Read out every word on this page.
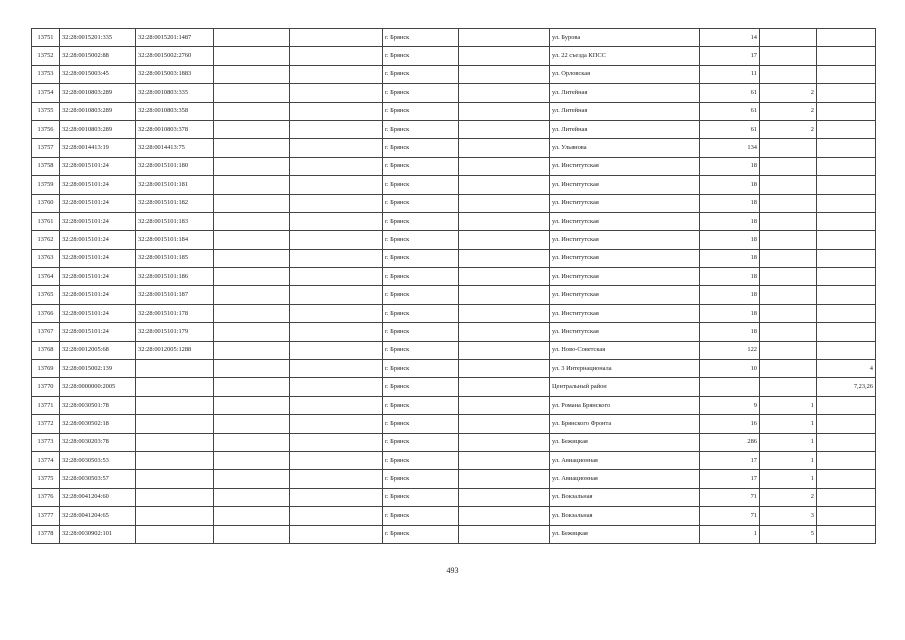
13751	32:28:0015201:335	32:28:0015201:1487			г. Брянск		ул. Бурова	14		
13752	32:28:0015002:88	32:28:0015002:2760			г. Брянск		ул. 22 съезда КПСС	17		
13753	32:28:0015003:45	32:28:0015003:1883			г. Брянск		ул. Орловская	11		
13754	32:28:0010803:289	32:28:0010803:335			г. Брянск		ул. Литейная	61	2	
13755	32:28:0010803:289	32:28:0010803:358			г. Брянск		ул. Литейная	61	2	
13756	32:28:0010803:289	32:28:0010803:378			г. Брянск		ул. Литейная	61	2	
13757	32:28:0014413:19	32:28:0014413:75			г. Брянск		ул. Ульянова	134		
13758	32:28:0015101:24	32:28:0015101:180			г. Брянск		ул. Институтская	18		
13759	32:28:0015101:24	32:28:0015101:181			г. Брянск		ул. Институтская	18		
13760	32:28:0015101:24	32:28:0015101:182			г. Брянск		ул. Институтская	18		
13761	32:28:0015101:24	32:28:0015101:183			г. Брянск		ул. Институтская	18		
13762	32:28:0015101:24	32:28:0015101:184			г. Брянск		ул. Институтская	18		
13763	32:28:0015101:24	32:28:0015101:185			г. Брянск		ул. Институтская	18		
13764	32:28:0015101:24	32:28:0015101:186			г. Брянск		ул. Институтская	18		
13765	32:28:0015101:24	32:28:0015101:187			г. Брянск		ул. Институтская	18		
13766	32:28:0015101:24	32:28:0015101:178			г. Брянск		ул. Институтская	18		
13767	32:28:0015101:24	32:28:0015101:179			г. Брянск		ул. Институтская	18		
13768	32:28:0012005:68	32:28:0012005:1288			г. Брянск		ул. Ново-Советская	122		
13769	32:28:0015002:139				г. Брянск		ул. 3 Интернационала	10		4
13770	32:28:0000000:2005				г. Брянск		Центральный район			7,23,26
13771	32:28:0030501:78				г. Брянск		ул. Романа Брянского	9	1	
13772	32:28:0030502:18				г. Брянск		ул. Брянского Фронта	16	1	
13773	32:28:0030203:78				г. Брянск		ул. Бежицкая	286	1	
13774	32:28:0030503:53				г. Брянск		ул. Авиационная	17	1	
13775	32:28:0030503:57				г. Брянск		ул. Авиационная	17	1	
13776	32:28:0041204:60				г. Брянск		ул. Вокзальная	71	2	
13777	32:28:0041204:65				г. Брянск		ул. Вокзальная	71	3	
13778	32:28:0030902:101				г. Брянск		ул. Бежицкая	1	5	
493
